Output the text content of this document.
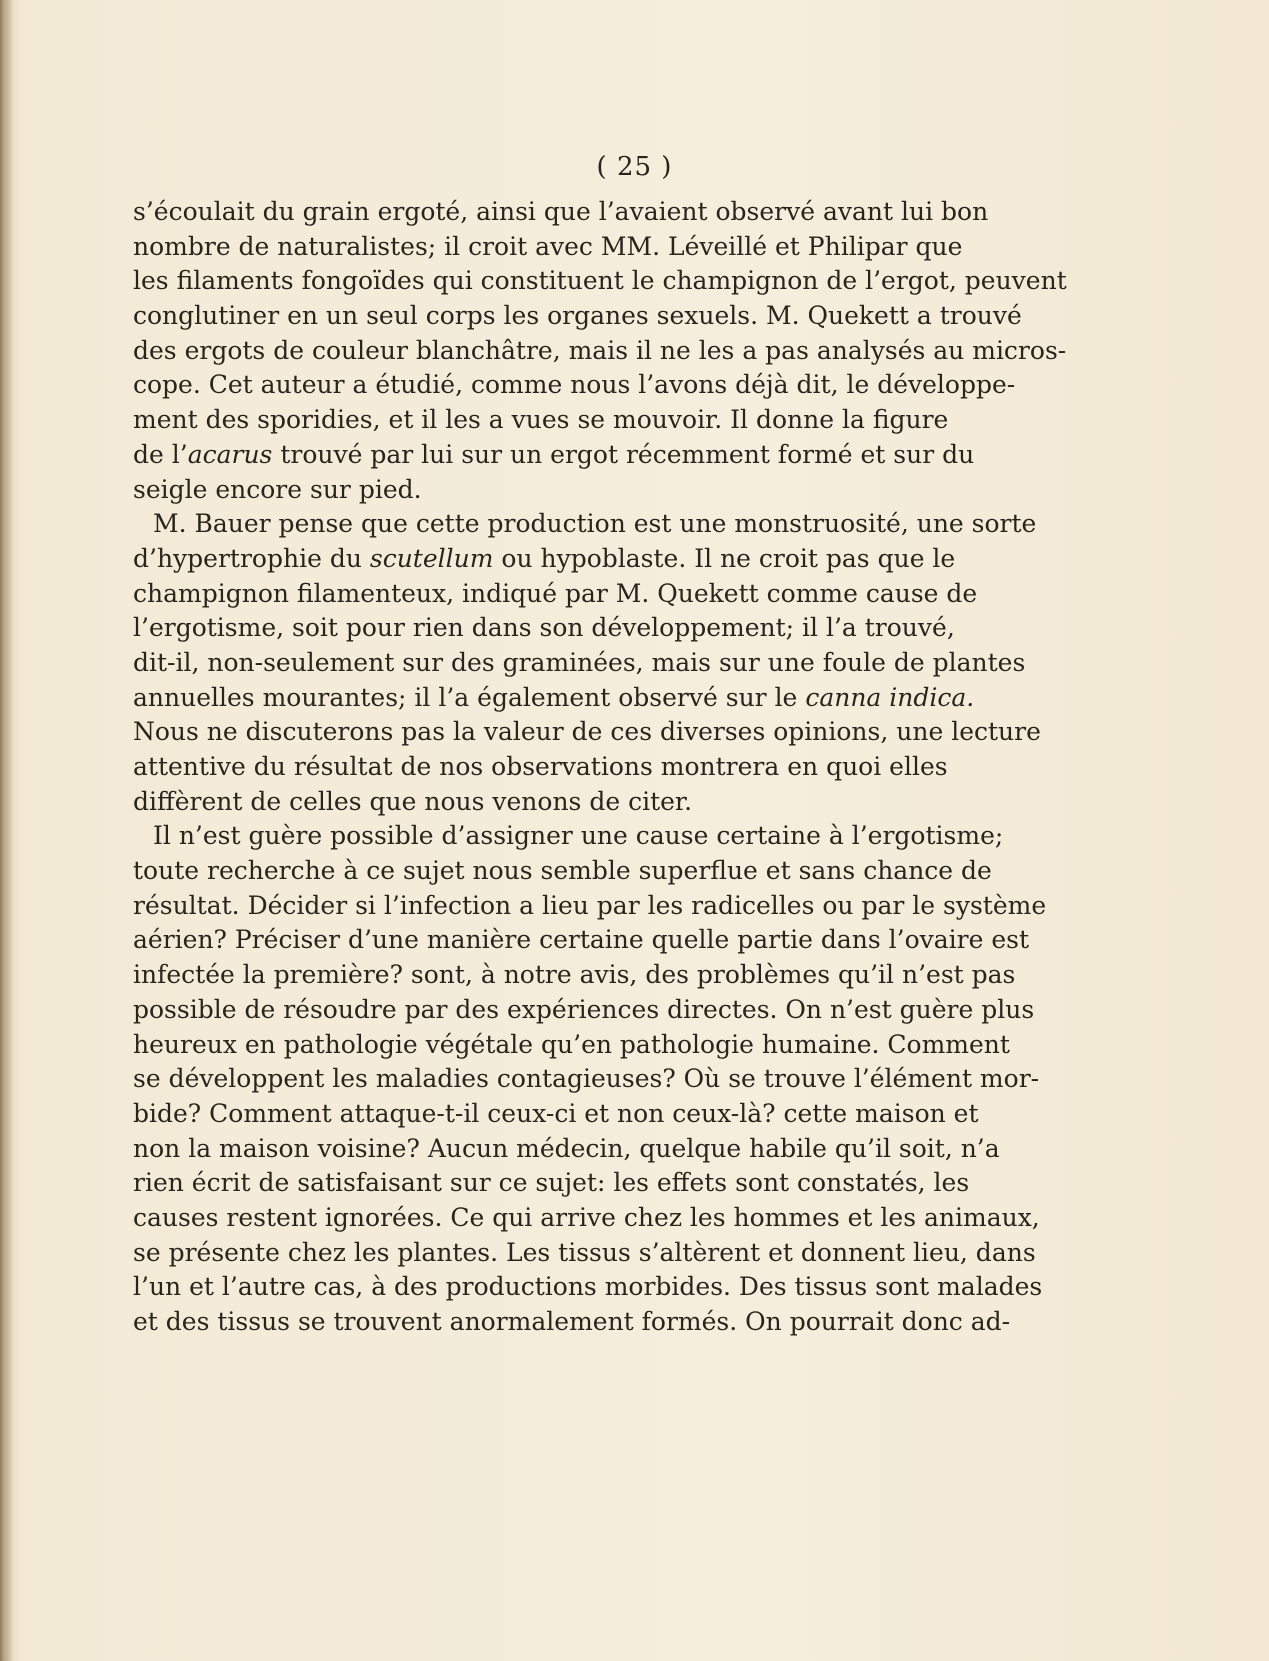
( 25 )
s’écoulait du grain ergoté, ainsi que l’avaient observé avant lui bon
nombre de naturalistes; il croit avec MM. Léveillé et Philipar que
les filaments fongoïdes qui constituent le champignon de l’ergot, peuvent
conglutiner en un seul corps les organes sexuels. M. Quekett a trouvé
des ergots de couleur blanchâtre, mais il ne les a pas analysés au micros-
cope. Cet auteur a étudié, comme nous l’avons déjà dit, le développe-
ment des sporidies, et il les a vues se mouvoir. Il donne la figure
de l’acarus trouvé par lui sur un ergot récemment formé et sur du
seigle encore sur pied.
M. Bauer pense que cette production est une monstruosité, une sorte
d’hypertrophie du scutellum ou hypoblaste. Il ne croit pas que le
champignon filamenteux, indiqué par M. Quekett comme cause de
l’ergotisme, soit pour rien dans son développement; il l’a trouvé,
dit-il, non-seulement sur des graminées, mais sur une foule de plantes
annuelles mourantes; il l’a également observé sur le canna indica.
Nous ne discuterons pas la valeur de ces diverses opinions, une lecture
attentive du résultat de nos observations montrera en quoi elles
diffèrent de celles que nous venons de citer.
Il n’est guère possible d’assigner une cause certaine à l’ergotisme;
toute recherche à ce sujet nous semble superflue et sans chance de
résultat. Décider si l’infection a lieu par les radicelles ou par le système
aérien? Préciser d’une manière certaine quelle partie dans l’ovaire est
infectée la première? sont, à notre avis, des problèmes qu’il n’est pas
possible de résoudre par des expériences directes. On n’est guère plus
heureux en pathologie végétale qu’en pathologie humaine. Comment
se développent les maladies contagieuses? Où se trouve l’élément mor-
bide? Comment attaque-t-il ceux-ci et non ceux-là? cette maison et
non la maison voisine? Aucun médecin, quelque habile qu’il soit, n’a
rien écrit de satisfaisant sur ce sujet: les effets sont constatés, les
causes restent ignorées. Ce qui arrive chez les hommes et les animaux,
se présente chez les plantes. Les tissus s’altèrent et donnent lieu, dans
l’un et l’autre cas, à des productions morbides. Des tissus sont malades
et des tissus se trouvent anormalement formés. On pourrait donc ad-
